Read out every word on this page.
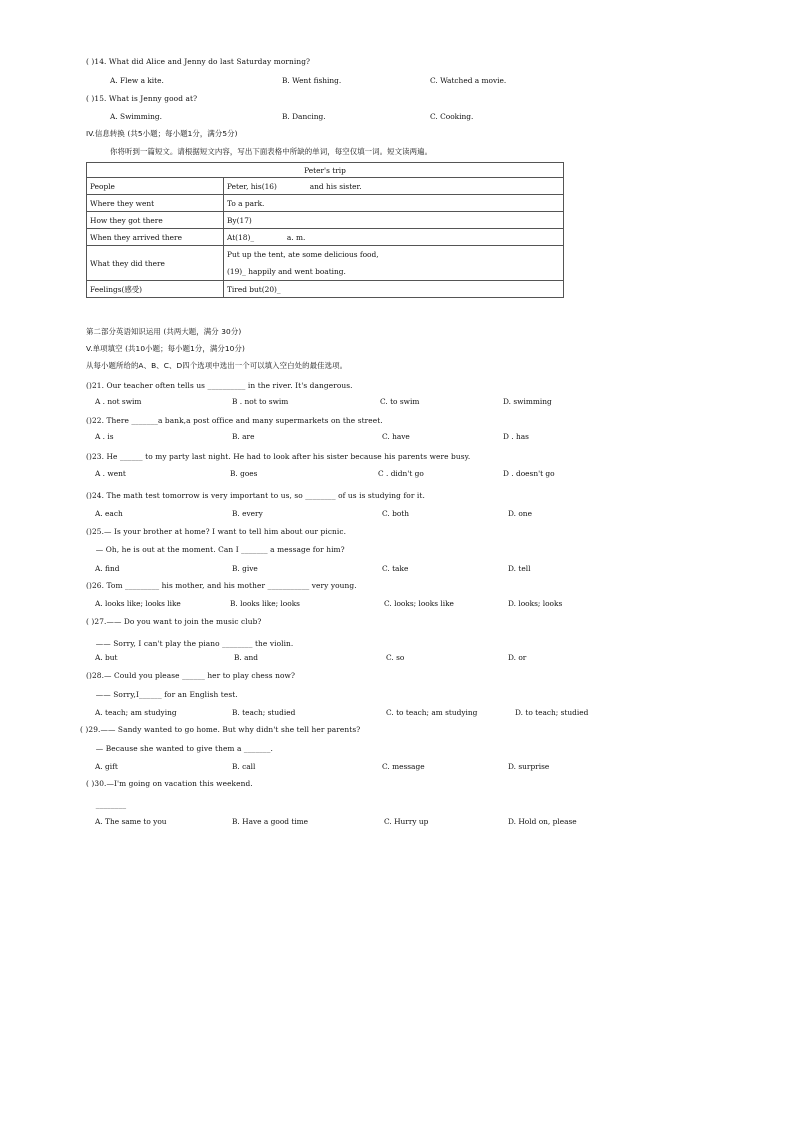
( )14. What did Alice and Jenny do last Saturday morning?
A. Flew a kite.	B. Went fishing.	C. Watched a movie.
( )15. What is Jenny good at?
A. Swimming.	B. Dancing.	C. Cooking.
IV.信息转换 (共5小题；每小题1分，满分5分)
你将听到一篇短文。请根据短文内容，写出下面表格中所缺的单词，每空仅填一词。短文读两遍。
Peter's trip	
People	Peter, his(16)              and his sister.
Where they went	To a park.
How they got there	By(17)
When they arrived there	At(18)_              a. m.
What they did there	Put up the tent, ate some delicious food,
(19)_ happily and went boating.

Feelings(感受)	Tired but(20)_
第二部分英语知识运用 (共两大题，满分 30分)
V.单项填空 (共10小题；每小题1分，满分10分)
从每小题所给的A、B、C、D四个选项中选出一个可以填入空白处的最佳选项。
()21. Our teacher often tells us __________ in the river. It's dangerous.
A . not swim	B . not to swim	C. to swim	D. swimming
()22. There _______a bank,a post office and many supermarkets on the street.
A . is	B. are	C. have	D . has
()23. He ______ to my party last night. He had to look after his sister because his parents were busy.
A . went	B. goes	C . didn't go	D . doesn't go
()24. The math test tomorrow is very important to us, so ________ of us is studying for it.
A. each	B. every	C. both	D. one
()25.— Is your brother at home? I want to tell him about our picnic.
— Oh, he is out at the moment. Can I _______ a message for him?
A. find	B. give	C. take	D. tell
()26. Tom _________ his mother, and his mother ___________ very young.
A. looks like; looks like	B. looks like; looks	C. looks; looks like	D. looks; looks
( )27.—— Do you want to join the music club?
—— Sorry, I can't play the piano ________ the violin.
A. but	B. and	C. so	D. or
()28.— Could you please ______ her to play chess now?
—— Sorry,I______ for an English test.
A. teach; am studying	B. teach; studied	C. to teach; am studying	D. to teach; studied
( )29.—— Sandy wanted to go home. But why didn't she tell her parents?
— Because she wanted to give them a _______.
A. gift	B. call	C. message	D. surprise
( )30.—I'm going on vacation this weekend.
________
A. The same to you	B. Have a good time	C. Hurry up	D. Hold on, please
